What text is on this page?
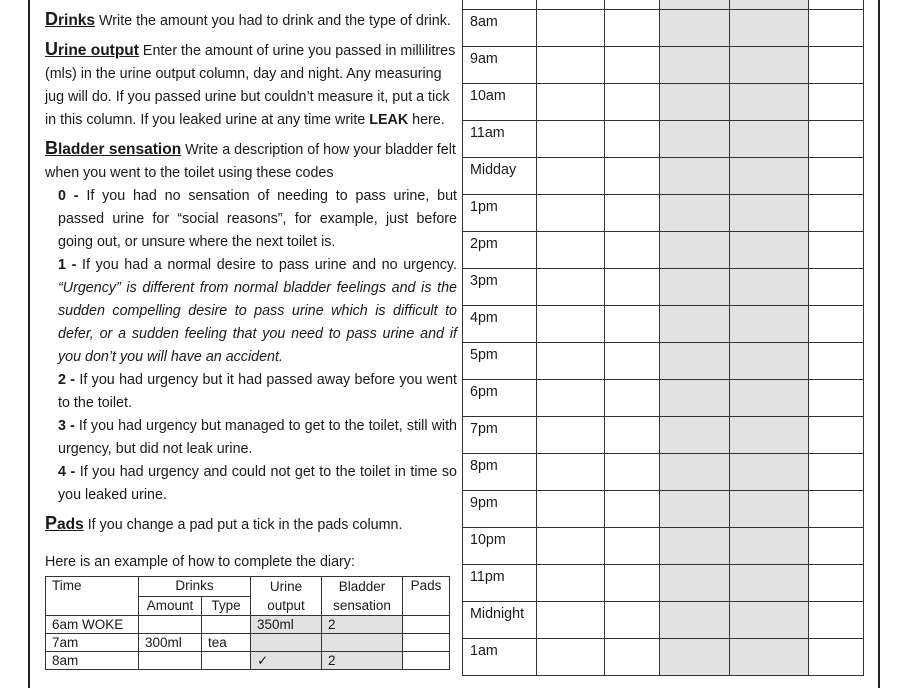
Drinks Write the amount you had to drink and the type of drink.

Urine output Enter the amount of urine you passed in millilitres (mls) in the urine output column, day and night. Any measuring jug will do. If you passed urine but couldn’t measure it, put a tick in this column. If you leaked urine at any time write LEAK here.

Bladder sensation Write a description of how your bladder felt when you went to the toilet using these codes

0 - If you had no sensation of needing to pass urine, but passed urine for “social reasons”, for example, just before going out, or unsure where the next toilet is.

1 - If you had a normal desire to pass urine and no urgency. “Urgency” is different from normal bladder feelings and is the sudden compelling desire to pass urine which is difficult to defer, or a sudden feeling that you need to pass urine and if you don’t you will have an accident.

2 - If you had urgency but it had passed away before you went to the toilet.

3 - If you had urgency but managed to get to the toilet, still with urgency, but did not leak urine.

4 - If you had urgency and could not get to the toilet in time so you leaked urine.

Pads If you change a pad put a tick in the pads column.

Here is an example of how to complete the diary:
Time	Drinks		Urine output	Bladder sensation	Pads
	Amount	Type			
6am WOKE			350ml	2	
7am	300ml	tea			
8am			✓	2	

8am					
9am					
10am					
11am					
Midday					
1pm					
2pm					
3pm					
4pm					
5pm					
6pm					
7pm					
8pm					
9pm					
10pm					
11pm					
Midnight					
1am					
